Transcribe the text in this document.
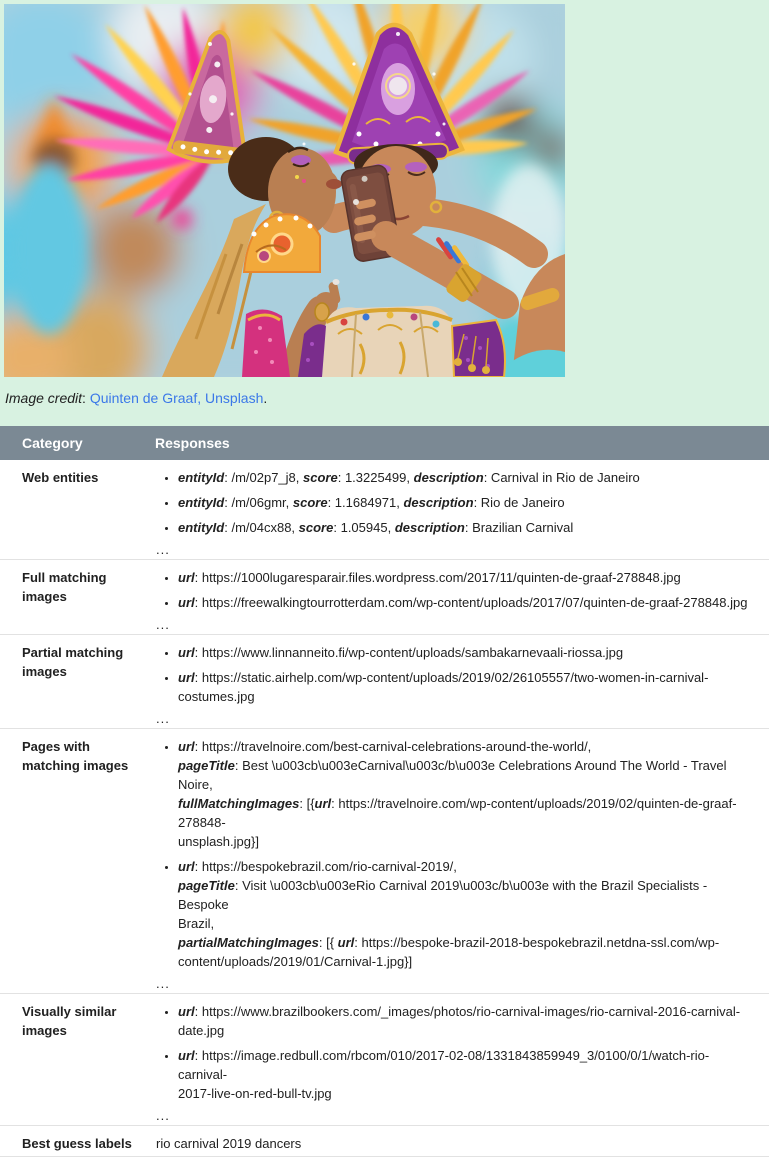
Image credit: Quinten de Graaf, Unsplash.

Category	Responses
Web entities	
•entityId: /m/02p7_j8, score: 1.3225499, description: Carnival in Rio de Janeiro
• entityId: /m/06gmr, score: 1.1684971, description: Rio de Janeiro
• entityId: /m/04cx88, score: 1.05945, description: Brazilian Carnival
...

Full matching images	
• url: https://1000lugaresparair.files.wordpress.com/2017/11/quinten-de-graaf-278848.jpg
• url: https://freewalkingtourrotterdam.com/wp-content/uploads/2017/07/quinten-de-graaf-278848.jpg
...

Partial matching images	
• url: https://www.linnanneito.fi/wp-content/uploads/sambakarnevaali-riossa.jpg
• url: https://static.airhelp.com/wp-content/uploads/2019/02/26105557/two-women-in-carnival-
costumes.jpg
...

Pages with matching images	
• url: https://travelnoire.com/best-carnival-celebrations-around-the-world/,
pageTitle: Best \u003cb\u003eCarnival\u003c/b\u003e Celebrations Around The World - Travel Noire,
fullMatchingImages: [{url: https://travelnoire.com/wp-content/uploads/2019/02/quinten-de-graaf-278848-
unsplash.jpg}]
• url: https://bespokebrazil.com/rio-carnival-2019/,
pageTitle: Visit \u003cb\u003eRio Carnival 2019\u003c/b\u003e with the Brazil Specialists - Bespoke
Brazil,
partialMatchingImages: [{ url: https://bespoke-brazil-2018-bespokebrazil.netdna-ssl.com/wp-
content/uploads/2019/01/Carnival-1.jpg}]
...

Visually similar images	
• url: https://www.brazilbookers.com/_images/photos/rio-carnival-images/rio-carnival-2016-carnival-
date.jpg
• url: https://image.redbull.com/rbcom/010/2017-02-08/1331843859949_3/0100/0/1/watch-rio-carnival-
2017-live-on-red-bull-tv.jpg
...

Best guess labels	rio carnival 2019 dancers
